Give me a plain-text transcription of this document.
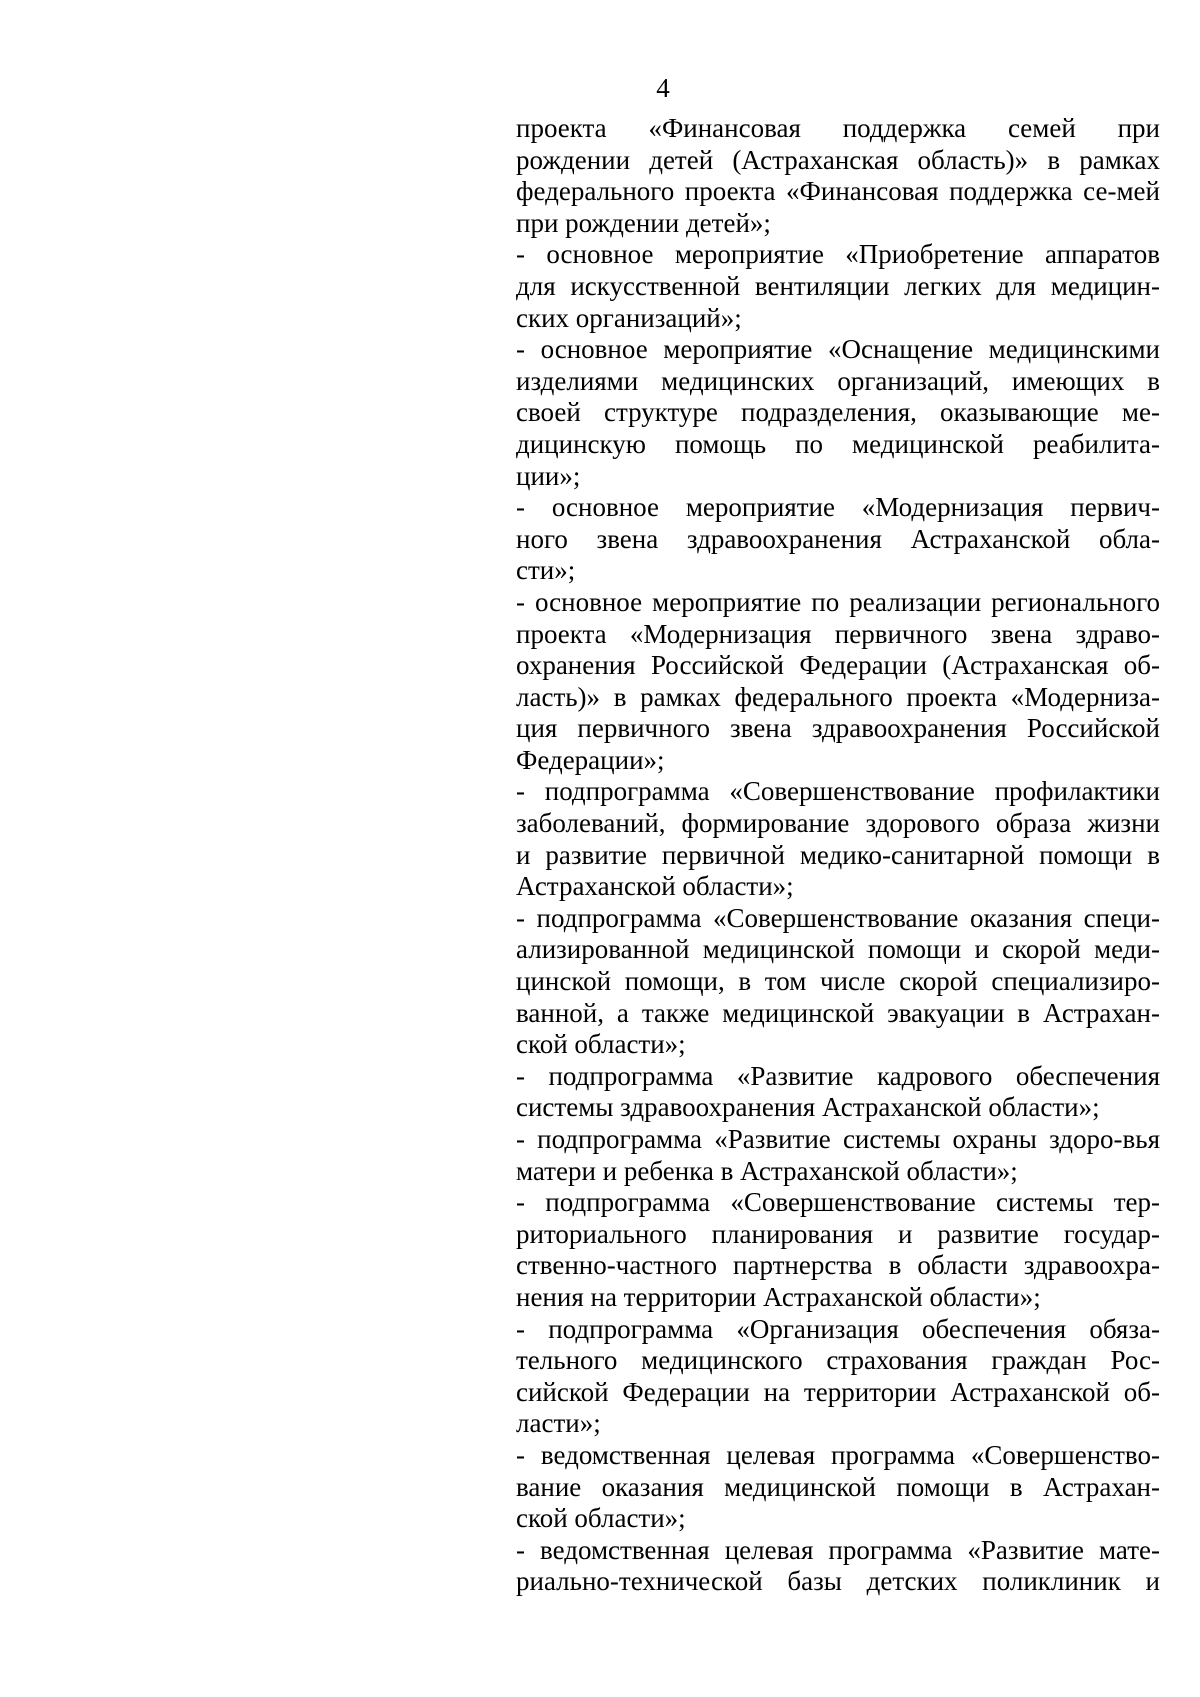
4
проекта «Финансовая поддержка семей при
рождении детей (Астраханская область)» в рамках
федерального проекта «Финансовая поддержка се-мей
при рождении детей»;
- основное мероприятие «Приобретение аппаратов
для искусственной вентиляции легких для медицин-
ских организаций»;
- основное мероприятие «Оснащение медицинскими
изделиями медицинских организаций, имеющих в
своей структуре подразделения, оказывающие ме-
дицинскую помощь по медицинской реабилита-
ции»;
- основное мероприятие «Модернизация первич-
ного звена здравоохранения Астраханской обла-
сти»;
- основное мероприятие по реализации регионального
проекта «Модернизация первичного звена здраво-
охранения Российской Федерации (Астраханская об-
ласть)» в рамках федерального проекта «Модерниза-
ция первичного звена здравоохранения Российской
Федерации»;
- подпрограмма «Совершенствование профилактики
заболеваний, формирование здорового образа жизни
и развитие первичной медико-санитарной помощи в
Астраханской области»;
- подпрограмма «Совершенствование оказания специ-
ализированной медицинской помощи и скорой меди-
цинской помощи, в том числе скорой специализиро-
ванной, а также медицинской эвакуации в Астрахан-
ской области»;
- подпрограмма «Развитие кадрового обеспечения
системы здравоохранения Астраханской области»;
- подпрограмма «Развитие системы охраны здоро-вья
матери и ребенка в Астраханской области»;
- подпрограмма «Совершенствование системы тер-
риториального планирования и развитие государ-
ственно-частного партнерства в области здравоохра-
нения на территории Астраханской области»;
- подпрограмма «Организация обеспечения обяза-
тельного медицинского страхования граждан Рос-
сийской Федерации на территории Астраханской об-
ласти»;
- ведомственная целевая программа «Совершенство-
вание оказания медицинской помощи в Астрахан-
ской области»;
- ведомственная целевая программа «Развитие мате-
риально-технической базы детских поликлиник и
